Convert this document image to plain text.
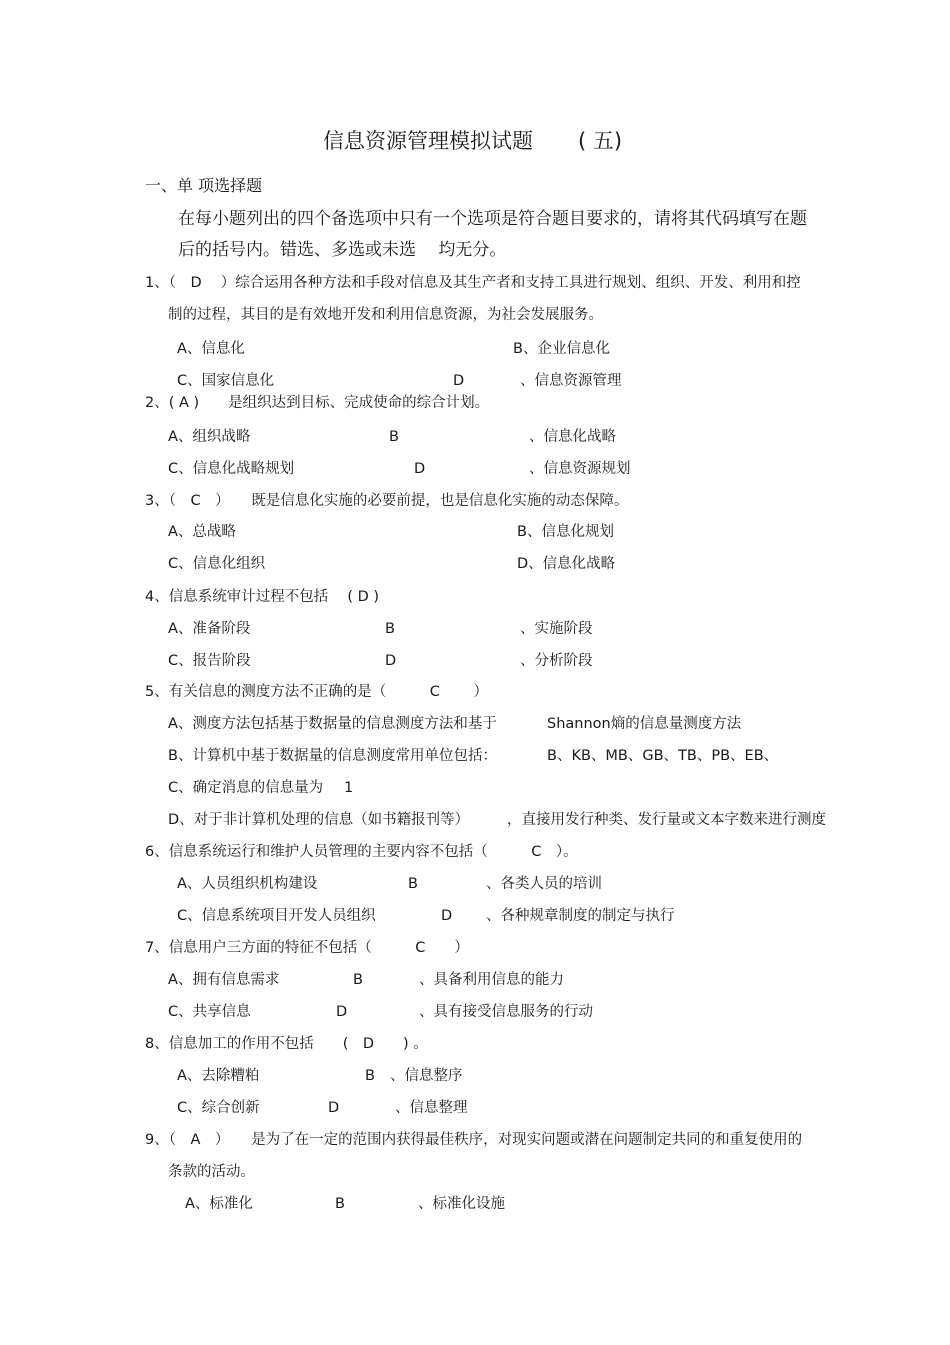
信息资源管理模拟试题 ( 五)
一、单 项选择题
在每小题列出的四个备选项中只有一个选项是符合题目要求的，请将其代码填写在题
后的括号内。错选、多选或未选　 均无分。
1、（　D　 ）综合运用各种方法和手段对信息及其生产者和支持工具进行规划、组织、开发、利用和控
制的过程，其目的是有效地开发和利用信息资源，为社会发展服务。
A、信息化	B、企业信息化
C、国家信息化	D	、信息资源管理
2、( A )　　是组织达到目标、完成使命的综合计划。
A、组织战略	B	、信息化战略
C、信息化战略规划	D	、信息资源规划
3、（　C　）　　既是信息化实施的必要前提，也是信息化实施的动态保障。
A、总战略	B、信息化规划
C、信息化组织	D、信息化战略
4、信息系统审计过程不包括　 ( D )
A、准备阶段	B	、实施阶段
C、报告阶段	D	、分析阶段
5、有关信息的测度方法不正确的是（　　　C　　 ）
A、测度方法包括基于数据量的信息测度方法和基于	Shannon熵的信息量测度方法
B、计算机中基于数据量的信息测度常用单位包括：	B、KB、MB、GB、TB、PB、EB、
C、确定消息的信息量为 1
D、对于非计算机处理的信息（如书籍报刊等）	，直接用发行种类、发行量或文本字数来进行测度
6、信息系统运行和维护人员管理的主要内容不包括（　　　C　）。
A、人员组织机构建设	B	、各类人员的培训
C、信息系统项目开发人员组织	D 、各种规章制度的制定与执行
7、信息用户三方面的特征不包括（　　　C　　）
A、拥有信息需求	B	、具备利用信息的能力
C、共享信息	D	、具有接受信息服务的行动
8、信息加工的作用不包括　　(　D　　) 。
A、去除糟粕	B 、信息整序
C、综合创新	D	、信息整理
9、（　A　）　　是为了在一定的范围内获得最佳秩序，对现实问题或潜在问题制定共同的和重复使用的
条款的活动。
A、标准化	B	、标准化设施
